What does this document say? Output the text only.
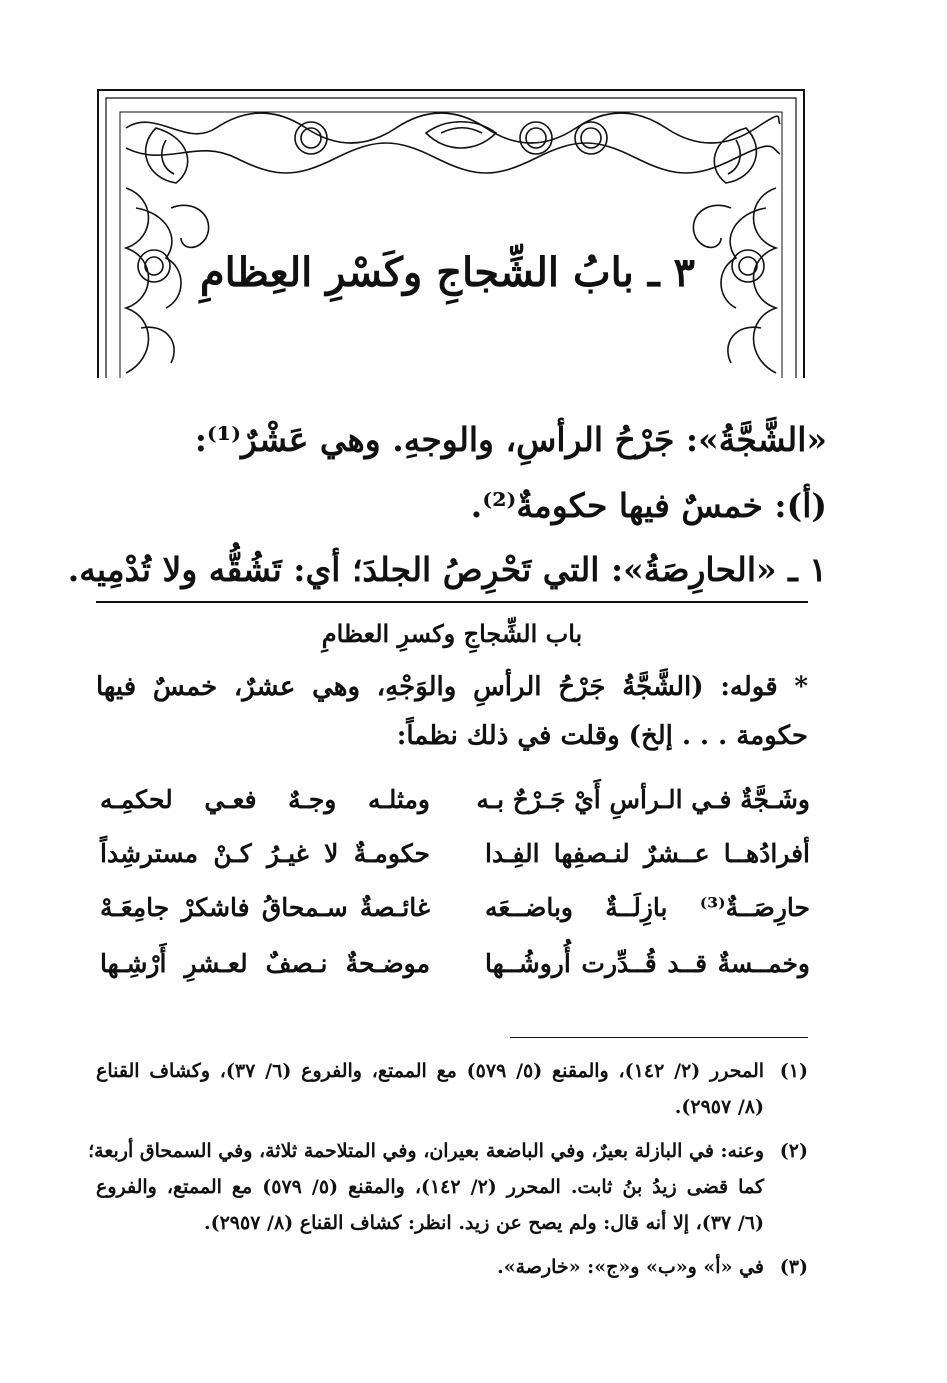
٣ ـ بابُ الشِّجاجِ وكَسْرِ العِظامِ
«الشَّجَّةُ»: جَرْحُ الرأسِ، والوجهِ. وهي عَشْرٌ⁽¹⁾:
(أ): خمسٌ فيها حكومةٌ⁽²⁾.
١ ـ «الحارِصَةُ»: التي تَحْرِصُ الجلدَ؛ أي: تَشُقُّه ولا تُدْمِيه.
باب الشِّجاجِ وكسرِ العظامِ
* قوله: (الشَّجَّةُ جَرْحُ الرأسِ والوَجْهِ، وهي عشرٌ، خمسٌ فيها
حكومة . . . إلخ) وقلت في ذلك نظماً:
وشَـجَّةٌ فـي الـرأسِ أَيْ جَـرْحٌ بـه
ومثلـه وجـهٌ فعـي لحكمِـه
أفرادُهــا عــشرٌ لنـصفِها الفِـدا
حكومـةٌ لا غيـرُ كـنْ مسترشِداً
حارِصَــةٌ⁽³⁾ بازِلَــةٌ وباضــعَه
غائـصةٌ سـمحاقُ فاشكرْ جامِعَـهْ
وخمــسةٌ قــد قُــدِّرت أُروشُــها
موضـحةٌ نـصفٌ لعـشرِ أَرْشِـها
(١)
المحرر (٢/ ١٤٢)، والمقنع (٥/ ٥٧٩) مع الممتع، والفروع (٦/ ٣٧)، وكشاف القناع
(٨/ ٢٩٥٧).
(٢)
وعنه: في البازلة بعيرٌ، وفي الباضعة بعيران، وفي المتلاحمة ثلاثة، وفي السمحاق أربعة؛
كما قضى زيدُ بنُ ثابت. المحرر (٢/ ١٤٢)، والمقنع (٥/ ٥٧٩) مع الممتع، والفروع
(٦/ ٣٧)، إلا أنه قال: ولم يصح عن زيد. انظر: كشاف القناع (٨/ ٢٩٥٧).
(٣)
في «أ» و«ب» و«ج»: «خارصة».
